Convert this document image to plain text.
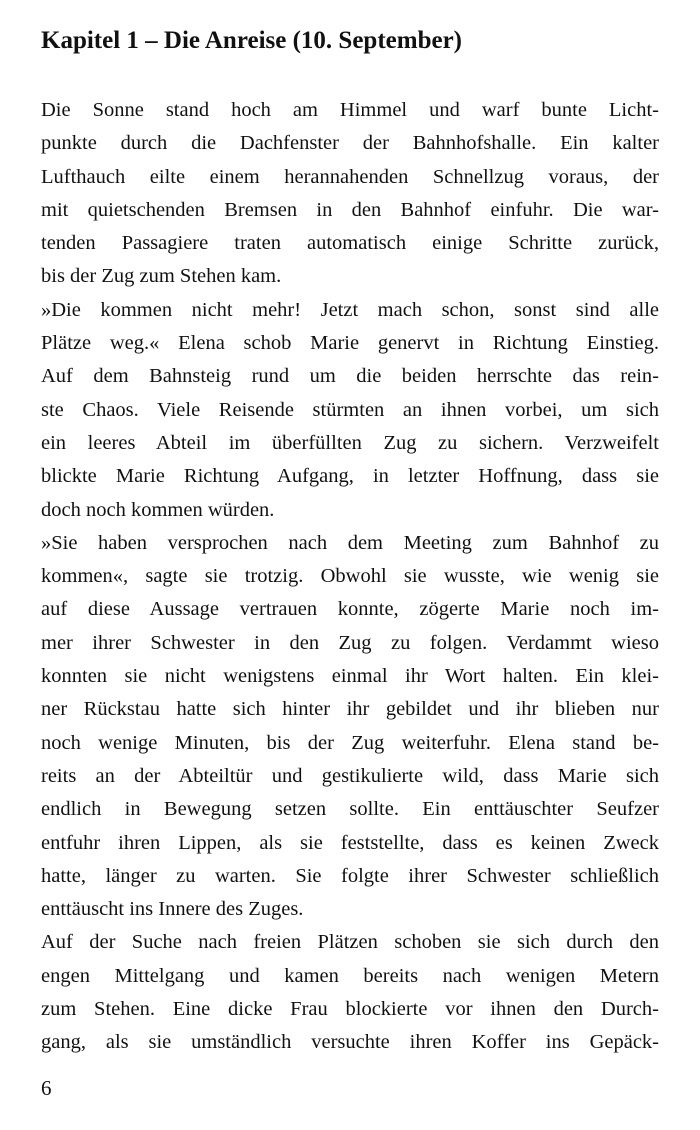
Kapitel 1 – Die Anreise (10. September)
Die Sonne stand hoch am Himmel und warf bunte Licht-
punkte durch die Dachfenster der Bahnhofshalle. Ein kalter
Lufthauch eilte einem herannahenden Schnellzug voraus, der
mit quietschenden Bremsen in den Bahnhof einfuhr. Die war-
tenden Passagiere traten automatisch einige Schritte zurück,
bis der Zug zum Stehen kam.
»Die kommen nicht mehr! Jetzt mach schon, sonst sind alle
Plätze weg.« Elena schob Marie genervt in Richtung Einstieg.
Auf dem Bahnsteig rund um die beiden herrschte das rein-
ste Chaos. Viele Reisende stürmten an ihnen vorbei, um sich
ein leeres Abteil im überfüllten Zug zu sichern. Verzweifelt
blickte Marie Richtung Aufgang, in letzter Hoffnung, dass sie
doch noch kommen würden.
»Sie haben versprochen nach dem Meeting zum Bahnhof zu
kommen«, sagte sie trotzig. Obwohl sie wusste, wie wenig sie
auf diese Aussage vertrauen konnte, zögerte Marie noch im-
mer ihrer Schwester in den Zug zu folgen. Verdammt wieso
konnten sie nicht wenigstens einmal ihr Wort halten. Ein klei-
ner Rückstau hatte sich hinter ihr gebildet und ihr blieben nur
noch wenige Minuten, bis der Zug weiterfuhr. Elena stand be-
reits an der Abteiltür und gestikulierte wild, dass Marie sich
endlich in Bewegung setzen sollte. Ein enttäuschter Seufzer
entfuhr ihren Lippen, als sie feststellte, dass es keinen Zweck
hatte, länger zu warten. Sie folgte ihrer Schwester schließlich
enttäuscht ins Innere des Zuges.
Auf der Suche nach freien Plätzen schoben sie sich durch den
engen Mittelgang und kamen bereits nach wenigen Metern
zum Stehen. Eine dicke Frau blockierte vor ihnen den Durch-
gang, als sie umständlich versuchte ihren Koffer ins Gepäck-
6
